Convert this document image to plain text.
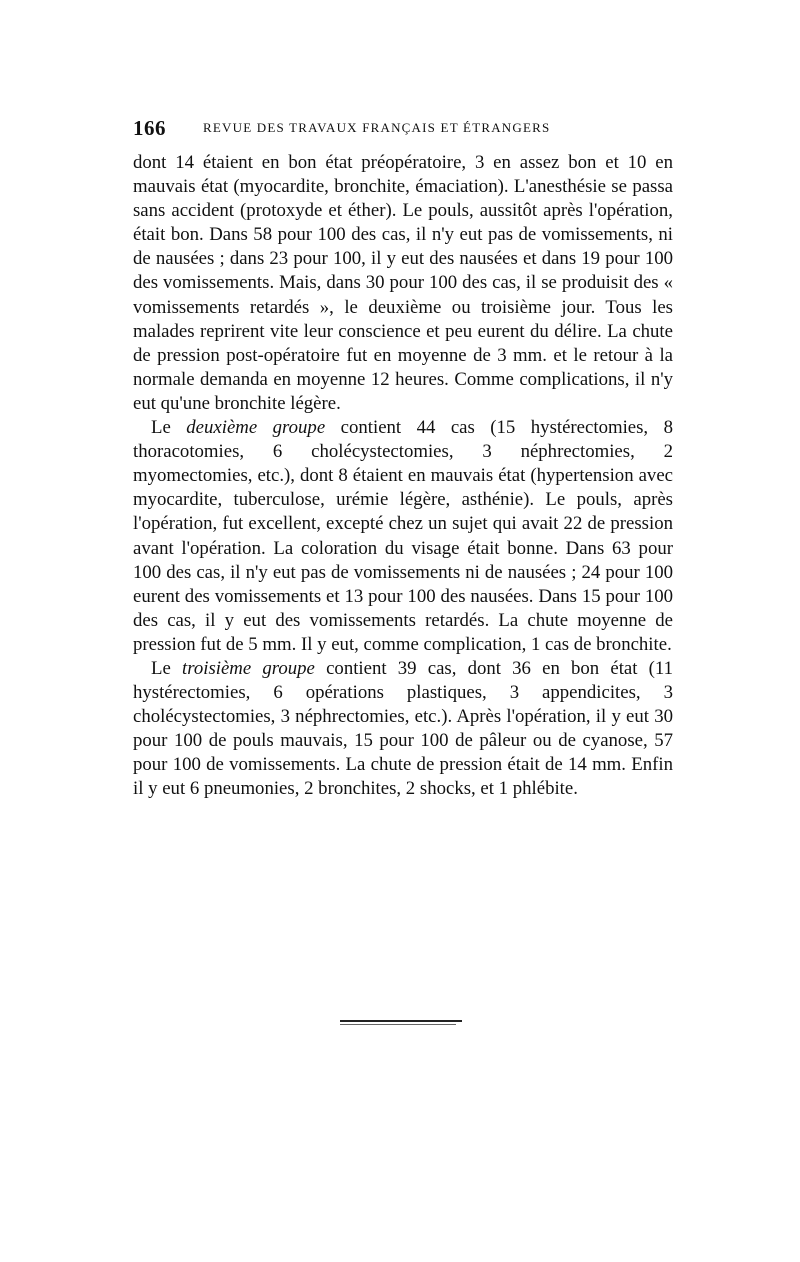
166	REVUE DES TRAVAUX FRANÇAIS ET ÉTRANGERS

dont 14 étaient en bon état préopératoire, 3 en assez bon et 10 en mauvais état (myocardite, bronchite, émaciation). L'anesthésie se passa sans accident (protoxyde et éther). Le pouls, aussitôt après l'opération, était bon. Dans 58 pour 100 des cas, il n'y eut pas de vomissements, ni de nausées ; dans 23 pour 100, il y eut des nausées et dans 19 pour 100 des vomissements. Mais, dans 30 pour 100 des cas, il se produisit des « vomissements retardés », le deuxième ou troisième jour. Tous les malades reprirent vite leur conscience et peu eurent du délire. La chute de pression post-opératoire fut en moyenne de 3 mm. et le retour à la normale demanda en moyenne 12 heures. Comme complications, il n'y eut qu'une bronchite légère.

Le deuxième groupe contient 44 cas (15 hystérectomies, 8 thoracotomies, 6 cholécystectomies, 3 néphrectomies, 2 myomectomies, etc.), dont 8 étaient en mauvais état (hypertension avec myocardite, tuberculose, urémie légère, asthénie). Le pouls, après l'opération, fut excellent, excepté chez un sujet qui avait 22 de pression avant l'opération. La coloration du visage était bonne. Dans 63 pour 100 des cas, il n'y eut pas de vomissements ni de nausées ; 24 pour 100 eurent des vomissements et 13 pour 100 des nausées. Dans 15 pour 100 des cas, il y eut des vomissements retardés. La chute moyenne de pression fut de 5 mm. Il y eut, comme complication, 1 cas de bronchite.

Le troisième groupe contient 39 cas, dont 36 en bon état (11 hystérectomies, 6 opérations plastiques, 3 appendicites, 3 cholécystectomies, 3 néphrectomies, etc.). Après l'opération, il y eut 30 pour 100 de pouls mauvais, 15 pour 100 de pâleur ou de cyanose, 57 pour 100 de vomissements. La chute de pression était de 14 mm. Enfin il y eut 6 pneumonies, 2 bronchites, 2 shocks, et 1 phlébite.
